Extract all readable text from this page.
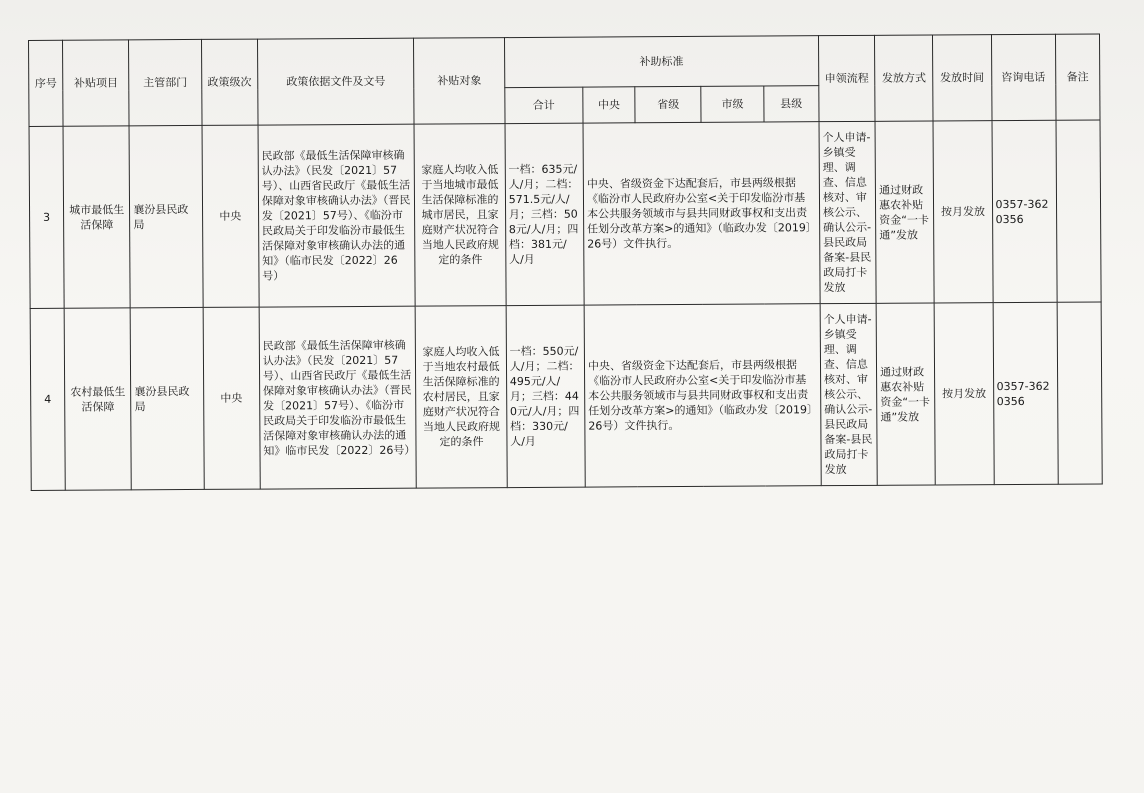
序号	补贴项目	主管部门	政策级次	政策依据文件及文号	补贴对象	补助标准					申领流程	发放方式	发放时间	咨询电话	备注
						合计	中央	省级	市级	县级					
3	城市最低生活保障	襄汾县民政局	中央	民政部《最低生活保障审核确认办法》（民发〔2021〕57号）、山西省民政厅《最低生活保障对象审核确认办法》（晋民发〔2021〕57号）、《临汾市民政局关于印发临汾市最低生活保障对象审核确认办法的通知》（临市民发〔2022〕26号）	家庭人均收入低于当地城市最低生活保障标准的城市居民，且家庭财产状况符合当地人民政府规定的条件	一档：635元/人/月；二档：571.5元/人/月；三档：508元/人/月；四档：381元/人/月	中央、省级资金下达配套后，市县两级根据《临汾市人民政府办公室<关于印发临汾市基本公共服务领域市与县共同财政事权和支出责任划分改革方案>的通知》（临政办发〔2019〕26号）文件执行。				个人申请-乡镇受理、调查、信息核对、审核公示、确认公示-县民政局备案-县民政局打卡发放	通过财政惠农补贴资金“一卡通”发放	按月发放	0357-3620356	
4	农村最低生活保障	襄汾县民政局	中央	民政部《最低生活保障审核确认办法》（民发〔2021〕57号）、山西省民政厅《最低生活保障对象审核确认办法》（晋民发〔2021〕57号）、《临汾市民政局关于印发临汾市最低生活保障对象审核确认办法的通知》临市民发〔2022〕26号）	家庭人均收入低于当地农村最低生活保障标准的农村居民，且家庭财产状况符合当地人民政府规定的条件	一档：550元/人/月；二档：495元/人/月；三档：440元/人/月；四档：330元/人/月	中央、省级资金下达配套后，市县两级根据《临汾市人民政府办公室<关于印发临汾市基本公共服务领域市与县共同财政事权和支出责任划分改革方案>的通知》（临政办发〔2019〕26号）文件执行。				个人申请-乡镇受理、调查、信息核对、审核公示、确认公示-县民政局备案-县民政局打卡发放	通过财政惠农补贴资金“一卡通”发放	按月发放	0357-3620356	
